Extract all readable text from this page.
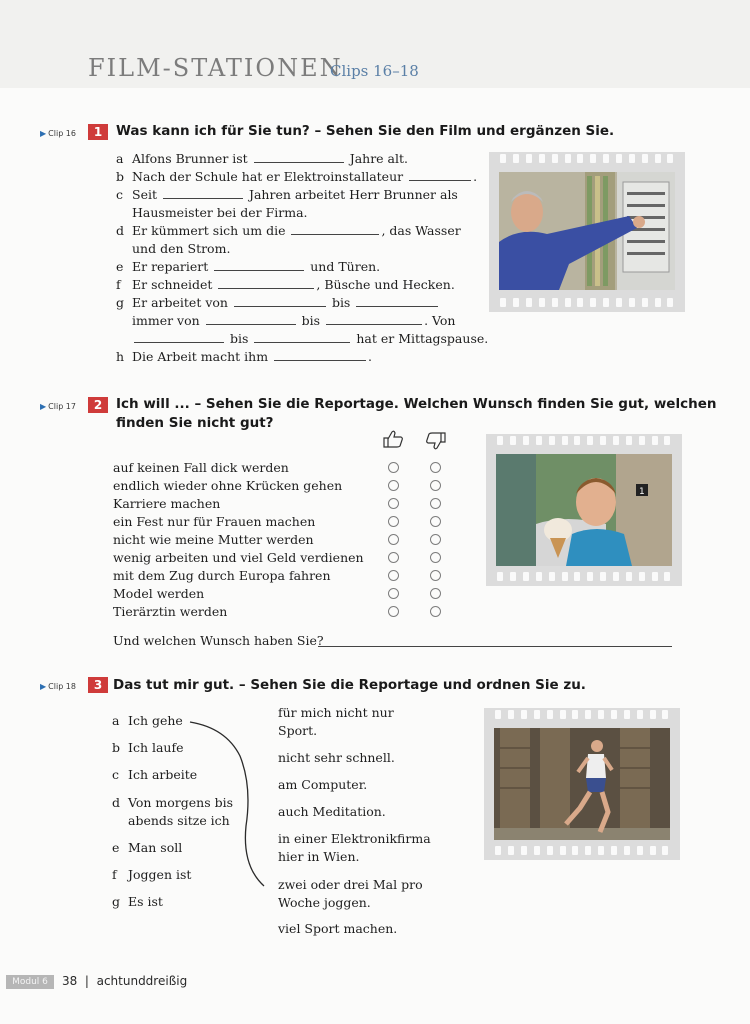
FILM-STATIONEN
Clips 16–18
▶ Clip 16	1	Was kann ich für Sie tun? – Sehen Sie den Film und ergänzen Sie.
a Alfons Brunner ist	Jahre alt.
b Nach der Schule hat er Elektroinstallateur	.
c Seit	Jahren arbeitet Herr Brunner als
Hausmeister bei der Firma.
d Er kümmert sich um die	, das Wasser
und den Strom.
e Er repariert	und Türen.
f Er schneidet	, Büsche und Hecken.
g Er arbeitet von	bis
immer von	bis	. Von
bis	hat er Mittagspause.
h Die Arbeit macht ihm	.
▶ Clip 17	2	Ich will ... – Sehen Sie die Reportage. Welchen Wunsch finden Sie gut, welchen
finden Sie nicht gut?
auf keinen Fall dick werden
endlich wieder ohne Krücken gehen
Karriere machen
ein Fest nur für Frauen machen
nicht wie meine Mutter werden
wenig arbeiten und viel Geld verdienen
mit dem Zug durch Europa fahren
Model werden
Tierärztin werden
Und welchen Wunsch haben Sie?
1
▶ Clip 18	3 Das tut mir gut. – Sehen Sie die Reportage und ordnen Sie zu.
a Ich gehe
b Ich laufe
c Ich arbeite
d Von morgens bis
abends sitze ich
e Man soll
f Joggen ist
g Es ist
für mich nicht nur
Sport.
nicht sehr schnell.
am Computer.
auch Meditation.
in einer Elektronikfirma
hier in Wien.
zwei oder drei Mal pro
Woche joggen.
viel Sport machen.
Modul 6	38  |  achtunddreißig
